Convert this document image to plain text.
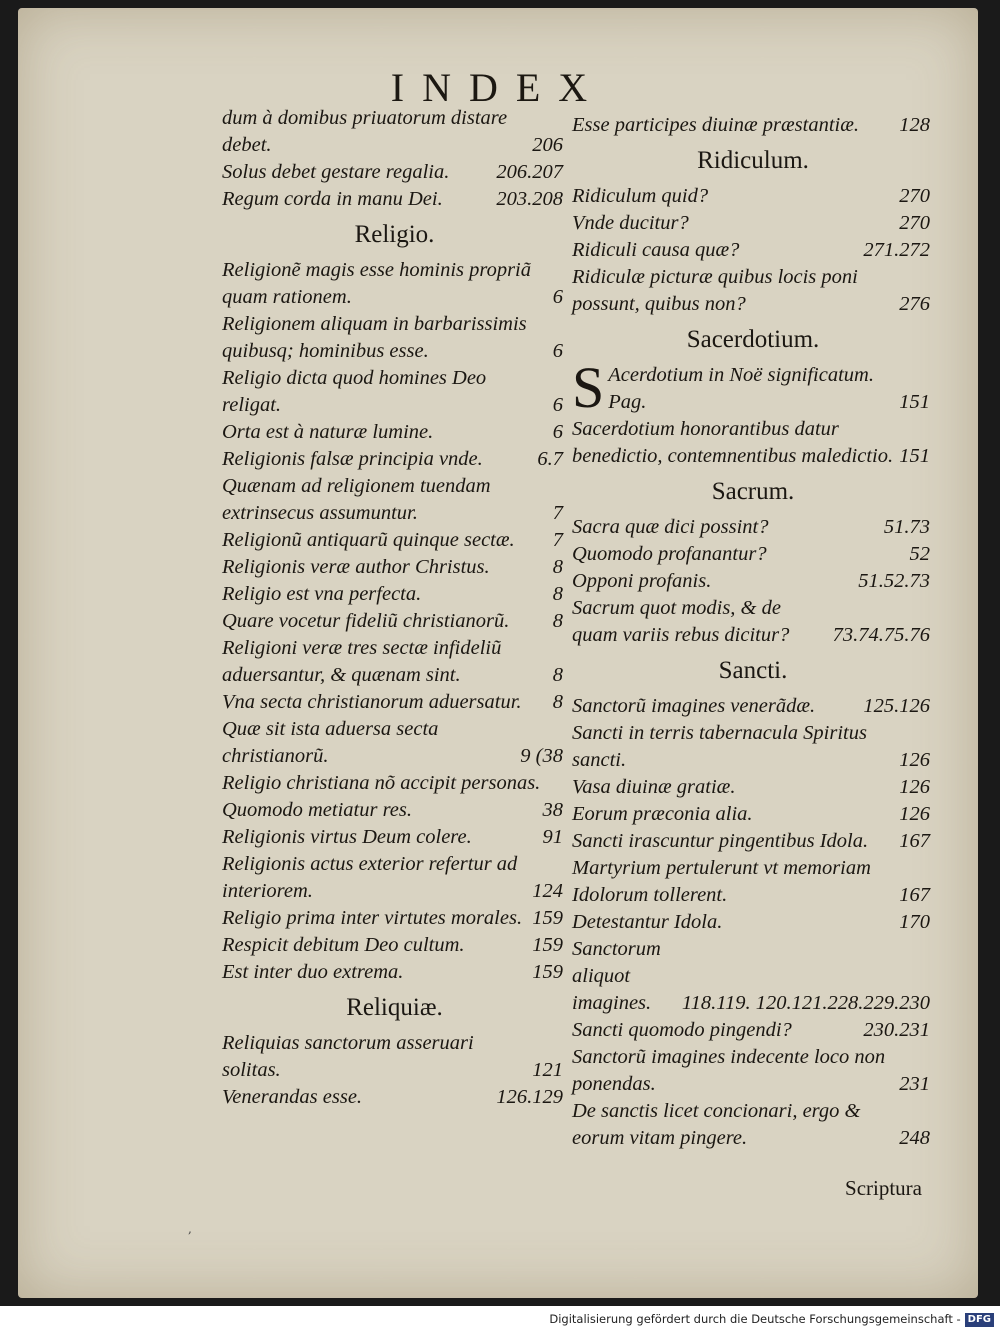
INDEX
dum à domibus priuatorum distare debet.	206
Solus debet gestare regalia.	206.207
Regum corda in manu Dei.	203.208
Religio.
Religionẽ magis esse hominis propriã quam rationem.	6
Religionem aliquam in barbarissimis quibusq; hominibus esse.	6
Religio dicta quod homines Deo religat.	6
Orta est à naturæ lumine.	6
Religionis falsæ principia vnde.	6.7
Quænam ad religionem tuendam extrinsecus assumuntur.	7
Religionũ antiquarũ quinque sectæ.	7
Religionis veræ author Christus.	8
Religio est vna perfecta.	8
Quare vocetur fideliũ christianorũ.	8
Religioni veræ tres sectæ infideliũ aduersantur, & quænam sint.	8
Vna secta christianorum aduersatur.	8
Quæ sit ista aduersa secta christianorũ.	9 (38
Religio christiana nõ accipit personas.
Quomodo metiatur res.	38
Religionis virtus Deum colere.	91
Religionis actus exterior refertur ad interiorem.	124
Religio prima inter virtutes morales. 159
Respicit debitum Deo cultum.	159
Est inter duo extrema.	159
Reliquiæ.
Reliquias sanctorum asseruari solitas.	121
Venerandas esse.	126.129
Esse participes diuinæ præstantiæ.	128
Ridiculum.
Ridiculum quid?	270
Vnde ducitur?	270
Ridiculi causa quæ?	271.272
Ridiculæ picturæ quibus locis poni possunt, quibus non?	276
Sacerdotium.
S Acerdotium in Noë significatum. Pag.	151
Sacerdotium honorantibus datur benedictio, contemnentibus maledictio. 151
Sacrum.
Sacra quæ dici possint?	51.73
Quomodo profanantur?	52
Opponi profanis.	51.52.73
Sacrum quot modis, & de quam variis rebus dicitur?	73.74.75.76
Sancti.
Sanctorũ imagines venerãdæ.	125.126
Sancti in terris tabernacula Spiritus sancti.	126
Vasa diuinæ gratiæ.	126
Eorum præconia alia.	126
Sancti irascuntur pingentibus Idola.	167
Martyrium pertulerunt vt memoriam Idolorum tollerent.	167
Detestantur Idola.	170
Sanctorum aliquot imagines.	118.119. 120.121.228.229.230
Sancti quomodo pingendi?	230.231
Sanctorũ imagines indecente loco non ponendas.	231
De sanctis licet concionari, ergo & eorum vitam pingere.	248
Scriptura
,
Digitalisierung gefördert durch die Deutsche Forschungsgemeinschaft - DFG
